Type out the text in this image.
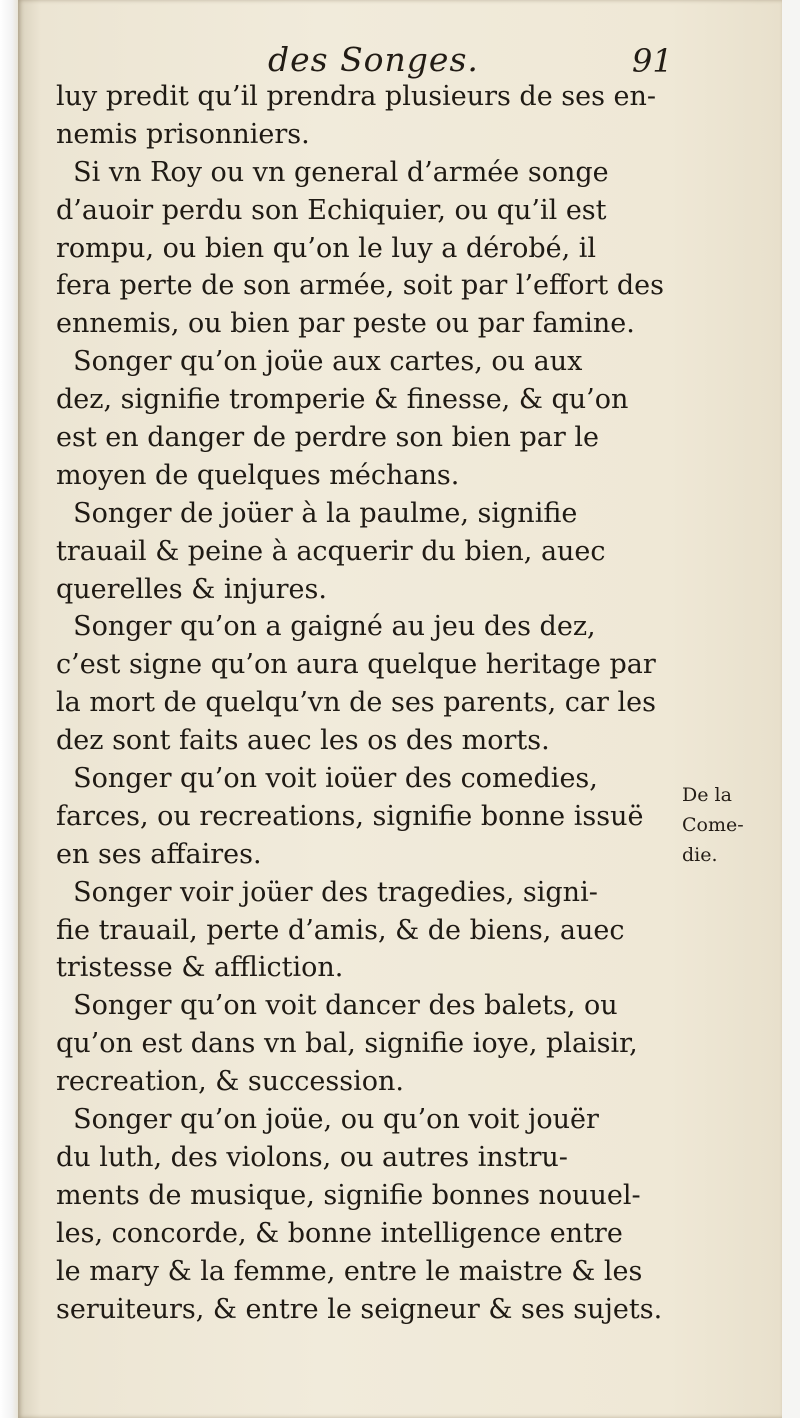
des Songes.	91
luy predit qu’il prendra plusieurs de ses en-
nemis prisonniers.
Si vn Roy ou vn general d’armée songe
d’auoir perdu son Echiquier, ou qu’il est
rompu, ou bien qu’on le luy a dérobé, il
fera perte de son armée, soit par l’effort des
ennemis, ou bien par peste ou par famine.
Songer qu’on joüe aux cartes, ou aux
dez, signifie tromperie & finesse, & qu’on
est en danger de perdre son bien par le
moyen de quelques méchans.
Songer de joüer à la paulme, signifie
trauail & peine à acquerir du bien, auec
querelles & injures.
Songer qu’on a gaigné au jeu des dez,
c’est signe qu’on aura quelque heritage par
la mort de quelqu’vn de ses parents, car les
dez sont faits auec les os des morts.
Songer qu’on voit ioüer des comedies,
farces, ou recreations, signifie bonne issuë
en ses affaires.
Songer voir joüer des tragedies, signi-
fie trauail, perte d’amis, & de biens, auec
tristesse & affliction.
Songer qu’on voit dancer des balets, ou
qu’on est dans vn bal, signifie ioye, plaisir,
recreation, & succession.
Songer qu’on joüe, ou qu’on voit jouër
du luth, des violons, ou autres instru-
ments de musique, signifie bonnes nouuel-
les, concorde, & bonne intelligence entre
le mary & la femme, entre le maistre & les
seruiteurs, & entre le seigneur & ses sujets.
De la
Come-
die.
